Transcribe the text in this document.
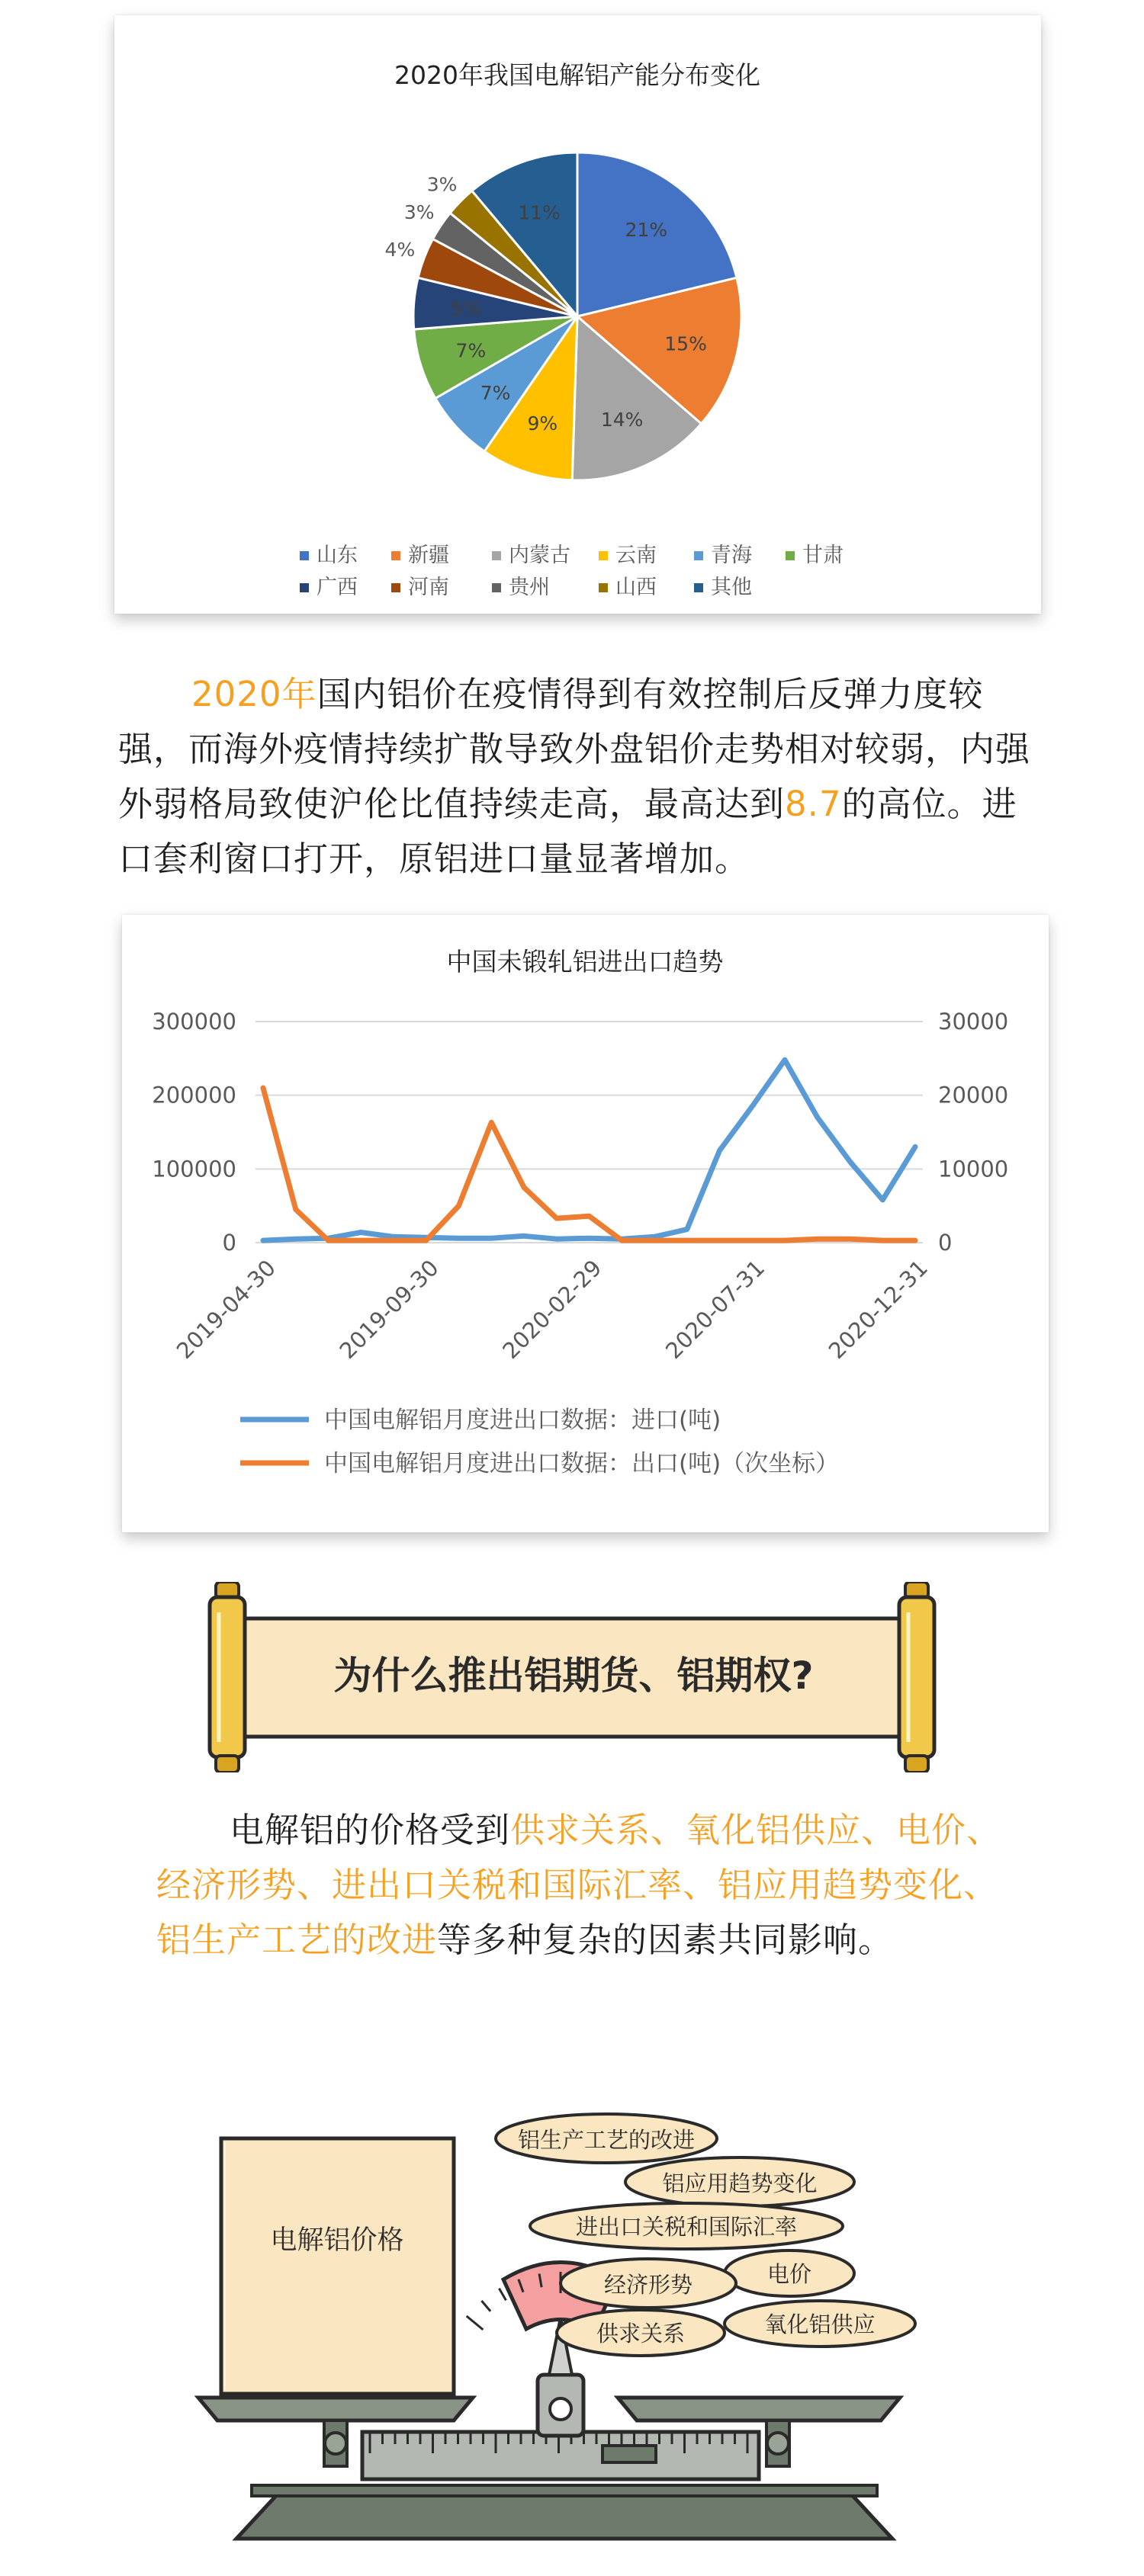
2020年我国电解铝产能分布变化
21%
15%
14%
9%
7%
7%
5%
4%
3%
3%
11%
山东 新疆	内蒙古 云南	青海 甘肃
广西 河南	贵州	山西	其他
2020年国内铝价在疫情得到有效控制后反弹力度较强，而海外疫情持续扩散导致外盘铝价走势相对较弱，内强外弱格局致使沪伦比值持续走高，最高达到8.7的高位。进口套利窗口打开，原铝进口量显著增加。
中国未锻轧铝进出口趋势
300000	30000
200000	20000
100000	10000
0	0
2019-04-30 2019-09-30 2020-02-29 2020-07-31 2020-12-31
中国电解铝月度进出口数据：进口(吨)
中国电解铝月度进出口数据：出口(吨)（次坐标）
为什么推出铝期货、铝期权?
电解铝的价格受到供求关系、氧化铝供应、电价、经济形势、进出口关税和国际汇率、铝应用趋势变化、铝生产工艺的改进等多种复杂的因素共同影响。
电解铝价格
铝生产工艺的改进
铝应用趋势变化
进出口关税和国际汇率
电价
经济形势
供求关系	氧化铝供应
